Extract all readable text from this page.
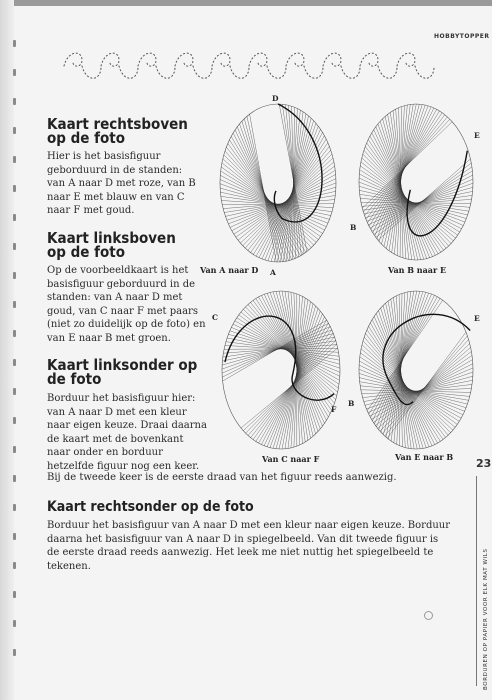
HOBBYTOPPER
Kaart rechtsboven op de foto

Hier is het basisfiguur geborduurd in de standen: van A naar D met roze, van B naar E met blauw en van C naar F met goud.

Kaart linksboven op de foto

Op de voorbeeldkaart is het basisfiguur geborduurd in de standen: van A naar D met goud, van C naar F met paars (niet zo duidelijk op de foto) en van E naar B met groen.

Kaart linksonder op de foto

Borduur het basisfiguur hier: van A naar D met een kleur naar eigen keuze. Draai daarna de kaart met de bovenkant naar onder en borduur hetzelfde figuur nog een keer.

Bij de tweede keer is de eerste draad van het figuur reeds aanwezig.

Kaart rechtsonder op de foto

Borduur het basisfiguur van A naar D met een kleur naar eigen keuze. Borduur daarna het basisfiguur van A naar D in spiegelbeeld. Van dit tweede figuur is de eerste draad reeds aanwezig. Het leek me niet nuttig het spiegelbeeld te tekenen.

D
A
Van A naar D
E
B
Van B naar E
C
F
Van C naar F
E
B
Van E naar B 23
BORDUREN OP PAPIER VOOR ELK MAT WILS
